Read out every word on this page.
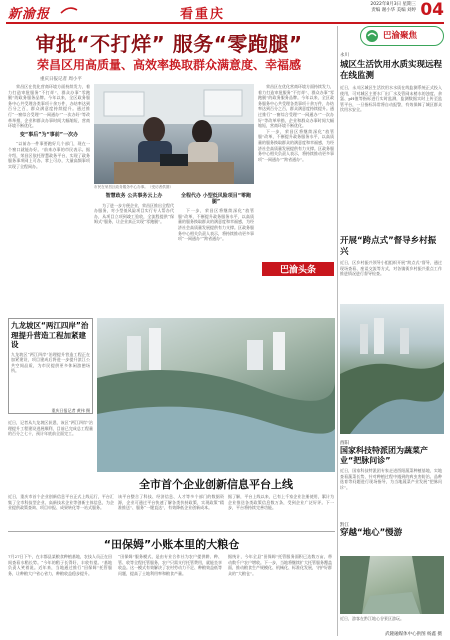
新渝报	看重庆
2022年8月3日 星期三
责编 谢小华 美编 刘婷 04
审批“不打烊” 服务“零跑腿”
荣昌区用高质量、高效率换取群众满意度、幸福感
重庆日报记者 周小平

荣昌区在优化营商环境方面持续发力，着力打造审批服务“不打烊”、群众办事“零跑腿”的政务服务品牌。今年以来，全区政务服务中心共受理各类事项十余万件，办结率达到百分之百，群众满意度持续提升。通过推行“一窗综合受理”“一网通办”“一次办好”等改革举措，企业和群众办事时间大幅缩短，营商环境不断优化。

变“事后”为“事前”一次办

“以前办一件事要跑好几个部门，现在一个窗口就能办好。”前来办事的市民表示。据介绍，荣昌区依托智慧政务平台，实现了政务服务事项网上可办、掌上可办，大量高频事项实现了全程网办。

市民在荣昌区政务服务中心办事。（受访者供图）
智慧政务 公共事务云上办

为了进一步方便企业，荣昌区推出全程代办服务，对小型低风险项目实行专人帮办代办，从项目立项到竣工验收，全流程提供“保姆式”服务，让企业真正实现“零跑腿”。

全程代办 小型低风险项目“零跑腿”

下一步，荣昌区将继续深化“放管服”改革，不断提升政务服务水平，以高质量的服务换取群众的满意度和幸福感，为经济社会高质量发展提供有力支撑。区政务服务中心相关负责人表示，将持续推动更多事项“一网通办”“跨省通办”。

荣昌区在优化营商环境方面持续发力，着力打造审批服务“不打烊”、群众办事“零跑腿”的政务服务品牌。今年以来，全区政务服务中心共受理各类事项十余万件，办结率达到百分之百，群众满意度持续提升。通过推行“一窗综合受理”“一网通办”“一次办好”等改革举措，企业和群众办事时间大幅缩短，营商环境不断优化。

下一步，荣昌区将继续深化“放管服”改革，不断提升政务服务水平，以高质量的服务换取群众的满意度和幸福感，为经济社会高质量发展提供有力支撑。区政务服务中心相关负责人表示，将持续推动更多事项“一网通办”“跨省通办”。

巴渝头条
巴渝聚焦
永川
城区生活饮用水质实现远程在线监测
近日，永川区城区生活饮用水水质在线监测系统正式投入使用，可对城区主要水厂出厂水及管网末梢水的浊度、余氯、pH值等指标进行实时监测，监测数据实时上传至监管平台，一旦指标异常将自动报警，有效保障了城区群众饮用水安全。
开展“跨点式”督导乡村振兴
近日，区乡村振兴领导小组组织开展“跨点式”督导，通过现场查看、座谈交流等方式，对各镇街乡村振兴重点工作推进情况进行督导检查。
酉阳
国家科技特派团为蔬菜产业“把脉问诊”
近日，国家科技特派团专家走进酉阳蔬菜种植基地，实地查看蔬菜长势，针对种植过程中遇到的病虫害防治、品种选育等问题进行现场指导，为当地蔬菜产业发展“把脉问诊”。
黔江
穿越“地心”慢游
近日，游客在黔江地心谷景区游玩。
武隆融媒体中心供图 杨鑫 摄
九龙坡区“两江四岸”治理提升营造工程加紧建设
九龙坡区“两江四岸”治理提升营造工程正在加紧建设，项目建成后将进一步提升滨江公共空间品质，为市民提供更多休闲游憩场所。
重庆日报记者 黄伟 摄
近日，记者从九龙坡区获悉，该区“两江四岸”治理提升工程建设进展顺利，目前已完成总工程量的百分之七十，预计年底前全面完工。
全市首个企业创新信息平台上线
近日，重庆市首个企业创新信息平台正式上线运行，平台汇集了全市科技型企业、高新技术企业等创新主体信息，为企业提供政策查询、项目申报、成果转化等一站式服务。
该平台整合了科技、经济信息、人才等多个部门的数据资源，企业可通过平台快速了解各类扶持政策，实现政策“精准推送”、服务“一键直达”，有效降低企业创新成本。
据了解，平台上线以来，已有上千家企业注册使用，累计为企业推送各类政策信息数万条，受到企业广泛好评。下一步，平台将持续完善功能。
“田保姆”小账本里的大粮仓
7月27日下午，在丰都县某粮食种植基地，农技人员正在田间查看水稻长势。“今年的稻子长得好，丰收有望。”基地负责人笑着说。近年来，当地通过推行“田保姆”托管服务，让种粮大户省心省力，种粮收益稳步提升。
“田保姆”服务模式，是由专业合作社为农户提供耕、种、管、收等全程托管服务，农户只需支付托管费用，就能坐享收益。这一模式有效解决了农村劳动力不足、种粮效益低等问题，提高了土地利用率和粮食产量。
据统计，今年全县“田保姆”托管服务面积已达数万亩，带动数千户农户增收。下一步，当地将继续扩大托管服务覆盖面，推动粮食生产规模化、机械化、标准化发展，守护好群众的“大粮仓”。
